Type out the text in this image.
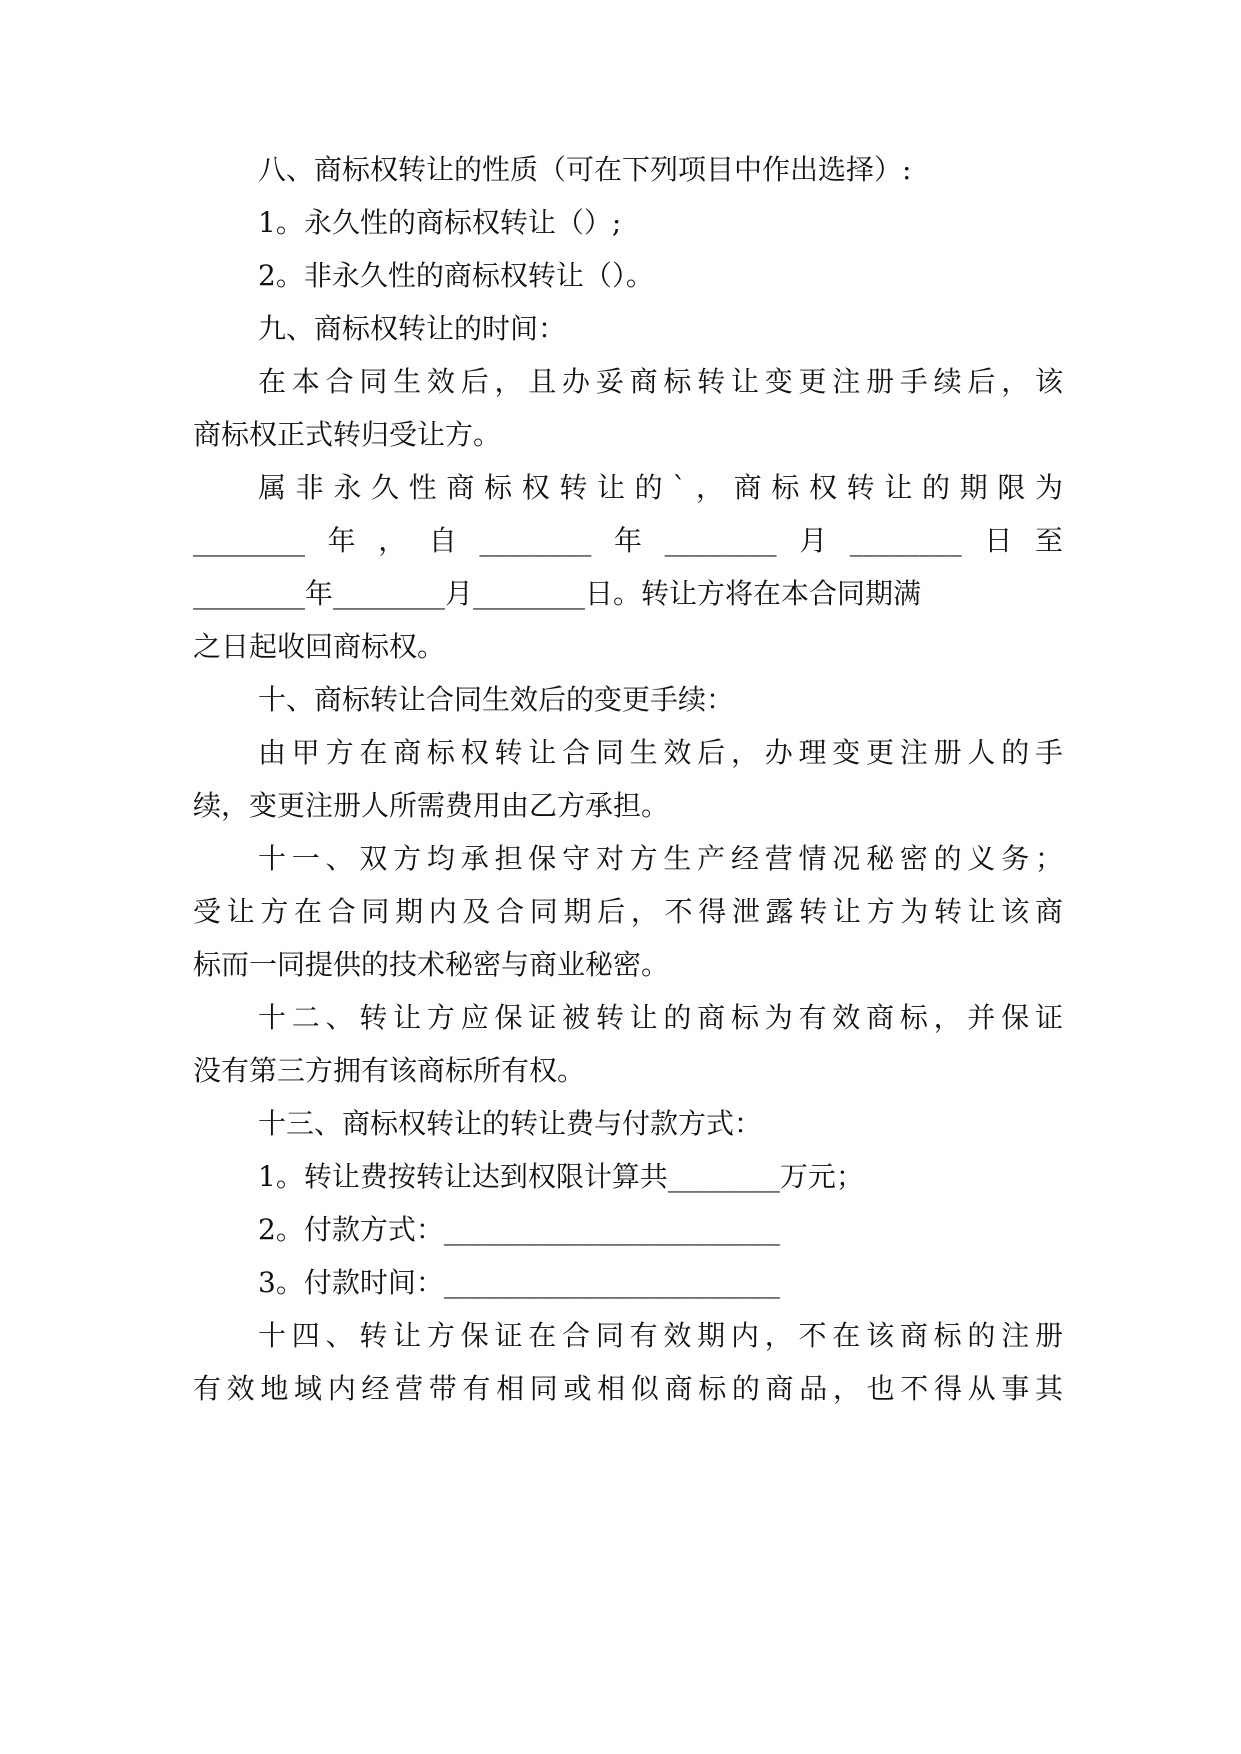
八、商标权转让的性质（可在下列项目中作出选择）:

1。永久性的商标权转让（）;

2。非永久性的商标权转让（）。

九、商标权转让的时间：

在本合同生效后，且办妥商标转让变更注册手续后，该

商标权正式转归受让方。

属非永久性商标权转让的`，商标权转让的期限为

________年，自________年________月________日至

________年________月________日。转让方将在本合同期满

之日起收回商标权。

十、商标转让合同生效后的变更手续：

由甲方在商标权转让合同生效后，办理变更注册人的手

续，变更注册人所需费用由乙方承担。

十一、双方均承担保守对方生产经营情况秘密的义务；

受让方在合同期内及合同期后，不得泄露转让方为转让该商

标而一同提供的技术秘密与商业秘密。

十二、转让方应保证被转让的商标为有效商标，并保证

没有第三方拥有该商标所有权。

十三、商标权转让的转让费与付款方式：

1。转让费按转让达到权限计算共________万元；

2。付款方式：________________________

3。付款时间：________________________

十四、转让方保证在合同有效期内，不在该商标的注册

有效地域内经营带有相同或相似商标的商品，也不得从事其
